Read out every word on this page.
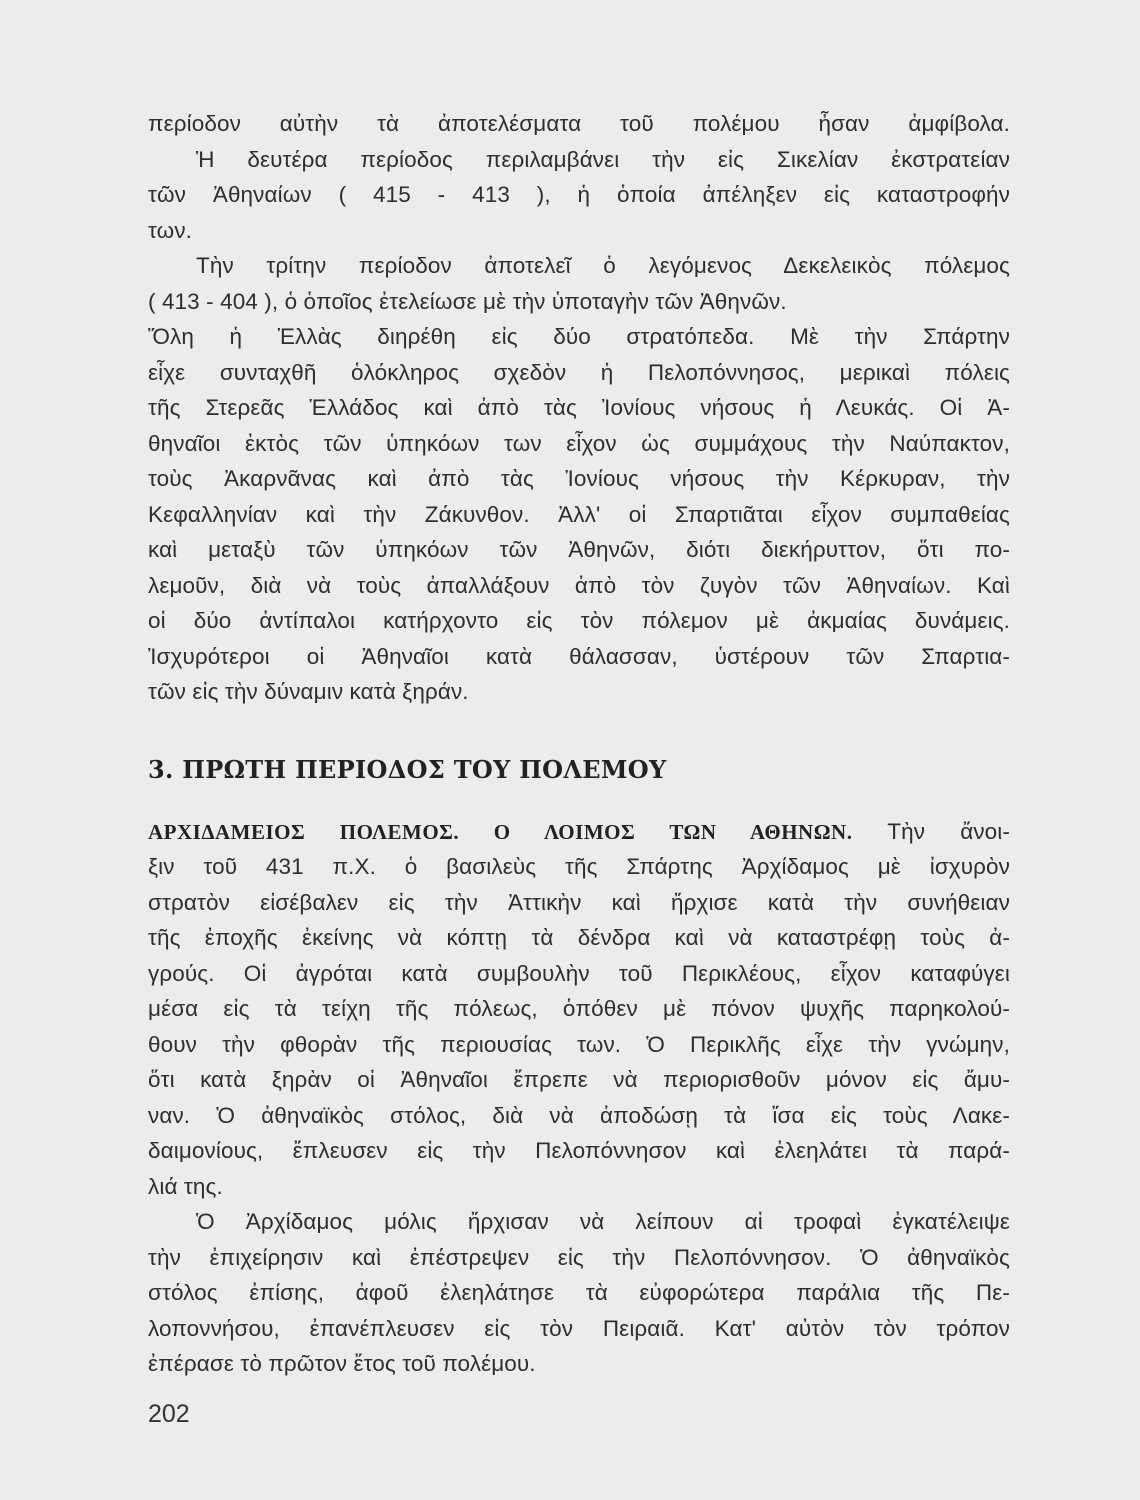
περίοδον αὐτὴν τὰ ἀποτελέσματα τοῦ πολέμου ἦσαν ἀμφίβολα.
Ἡ δευτέρα περίοδος περιλαμβάνει τὴν εἰς Σικελίαν ἐκστρατείαν
τῶν Ἀθηναίων ( 415 - 413 ), ἡ ὁποία ἀπέληξεν εἰς καταστροφήν
των.
Τὴν τρίτην περίοδον ἀποτελεῖ ὁ λεγόμενος Δεκελεικὸς πόλεμος
( 413 - 404 ), ὁ ὁποῖος ἐτελείωσε μὲ τὴν ὑποταγὴν τῶν Ἀθηνῶν.
Ὅλη ἡ Ἑλλὰς διηρέθη εἰς δύο στρατόπεδα. Μὲ τὴν Σπάρτην
εἶχε συνταχθῆ ὁλόκληρος σχεδὸν ἡ Πελοπόννησος, μερικαὶ πόλεις
τῆς Στερεᾶς Ἑλλάδος καὶ ἀπὸ τὰς Ἰονίους νήσους ἡ Λευκάς. Οἱ Ἀ-
θηναῖοι ἐκτὸς τῶν ὑπηκόων των εἶχον ὡς συμμάχους τὴν Ναύπακτον,
τοὺς Ἀκαρνᾶνας καὶ ἀπὸ τὰς Ἰονίους νήσους τὴν Κέρκυραν, τὴν
Κεφαλληνίαν καὶ τὴν Ζάκυνθον. Ἀλλ' οἱ Σπαρτιᾶται εἶχον συμπαθείας
καὶ μεταξὺ τῶν ὑπηκόων τῶν Ἀθηνῶν, διότι διεκήρυττον, ὅτι πο-
λεμοῦν, διὰ νὰ τοὺς ἀπαλλάξουν ἀπὸ τὸν ζυγὸν τῶν Ἀθηναίων. Καὶ
οἱ δύο ἀντίπαλοι κατήρχοντο εἰς τὸν πόλεμον μὲ ἀκμαίας δυνάμεις.
Ἰσχυρότεροι οἱ Ἀθηναῖοι κατὰ θάλασσαν, ὑστέρουν τῶν Σπαρτια-
τῶν εἰς τὴν δύναμιν κατὰ ξηράν.
3. ΠΡΩΤΗ ΠΕΡΙΟΔΟΣ ΤΟΥ ΠΟΛΕΜΟΥ
ΑΡΧΙΔΑΜΕΙΟΣ ΠΟΛΕΜΟΣ. Ο ΛΟΙΜΟΣ ΤΩΝ ΑΘΗΝΩΝ. Τὴν ἄνοι-
ξιν τοῦ 431 π.Χ. ὁ βασιλεὺς τῆς Σπάρτης Ἀρχίδαμος μὲ ἰσχυρὸν
στρατὸν εἰσέβαλεν εἰς τὴν Ἀττικὴν καὶ ἤρχισε κατὰ τὴν συνήθειαν
τῆς ἐποχῆς ἐκείνης νὰ κόπτῃ τὰ δένδρα καὶ νὰ καταστρέφῃ τοὺς ἀ-
γρούς. Οἱ ἀγρόται κατὰ συμβουλὴν τοῦ Περικλέους, εἶχον καταφύγει
μέσα εἰς τὰ τείχη τῆς πόλεως, ὁπόθεν μὲ πόνον ψυχῆς παρηκολού-
θουν τὴν φθορὰν τῆς περιουσίας των. Ὁ Περικλῆς εἶχε τὴν γνώμην,
ὅτι κατὰ ξηρὰν οἱ Ἀθηναῖοι ἔπρεπε νὰ περιορισθοῦν μόνον εἰς ἄμυ-
ναν. Ὁ ἀθηναϊκὸς στόλος, διὰ νὰ ἀποδώσῃ τὰ ἴσα εἰς τοὺς Λακε-
δαιμονίους, ἔπλευσεν εἰς τὴν Πελοπόννησον καὶ ἐλεηλάτει τὰ παρά-
λιά της.
Ὁ Ἀρχίδαμος μόλις ἤρχισαν νὰ λείπουν αἱ τροφαὶ ἐγκατέλειψε
τὴν ἐπιχείρησιν καὶ ἐπέστρεψεν εἰς τὴν Πελοπόννησον. Ὁ ἀθηναϊκὸς
στόλος ἐπίσης, ἀφοῦ ἐλεηλάτησε τὰ εὐφορώτερα παράλια τῆς Πε-
λοποννήσου, ἐπανέπλευσεν εἰς τὸν Πειραιᾶ. Κατ' αὐτὸν τὸν τρόπον
ἐπέρασε τὸ πρῶτον ἔτος τοῦ πολέμου.
202
